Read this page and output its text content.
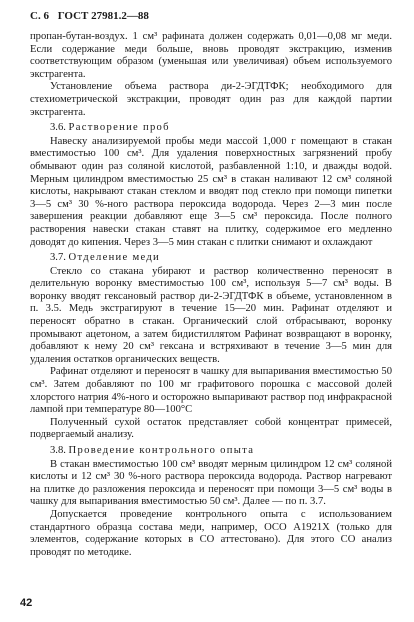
С. 6 ГОСТ 27981.2—88

пропан-бутан-воздух. 1 см³ рафината должен содержать 0,01—0,08 мг меди. Если содержание меди больше, вновь проводят экстракцию, изменив соответствующим образом (уменьшая или увеличивая) объем используемого экстрагента.

Установление объема раствора ди-2-ЭГДТФК; необходимого для стехиометрической экстракции, проводят один раз для каждой партии экстрагента.

3.6. Растворение проб

Навеску анализируемой пробы меди массой 1,000 г помещают в стакан вместимостью 100 см³. Для удаления поверхностных загрязнений пробу обмывают один раз соляной кислотой, разбавленной 1:10, и дважды водой. Мерным цилиндром вместимостью 25 см³ в стакан наливают 12 см³ соляной кислоты, накрывают стакан стеклом и вводят под стекло при помощи пипетки 3—5 см³ 30 %-ного раствора пероксида водорода. Через 2—3 мин после завершения реакции добавляют еще 3—5 см³ пероксида. После полного растворения навески стакан ставят на плитку, содержимое его медленно доводят до кипения. Через 3—5 мин стакан с плитки снимают и охлаждают

3.7. Отделение меди

Стекло со стакана убирают и раствор количественно переносят в делительную воронку вместимостью 100 см³, используя 5—7 см³ воды. В воронку вводят гексановый раствор ди-2-ЭГДТФК в объеме, установленном в п. 3.5. Медь экстрагируют в течение 15—20 мин. Рафинат отделяют и переносят обратно в стакан. Органический слой отбрасывают, воронку промывают ацетоном, а затем бидистиллятом Рафинат возвращают в воронку, добавляют к нему 20 см³ гексана и встряхивают в течение 3—5 мин для удаления остатков органических веществ.

Рафинат отделяют и переносят в чашку для выпаривания вместимостью 50 см³. Затем добавляют по 100 мг графитового порошка с массовой долей хлорстого натрия 4%-ного и осторожно выпаривают раствор под инфракрасной лампой при температуре 80—100°С

Полученный сухой остаток представляет собой концентрат примесей, подвергаемый анализу.

3.8. Проведение контрольного опыта

В стакан вместимостью 100 см³ вводят мерным цилиндром 12 см³ соляной кислоты и 12 см³ 30 %-ного раствора пероксида водорода. Раствор нагревают на плитке до разложения пероксида и переносят при помощи 3—5 см³ воды в чашку для выпаривания вместимостью 50 см³. Далее — по п. 3.7.

Допускается проведение контрольного опыта с использованием стандартного образца состава меди, например, ОСО А1921Х (только для элементов, содержание которых в СО аттестовано). Для этого СО анализ проводят по методике.

42
